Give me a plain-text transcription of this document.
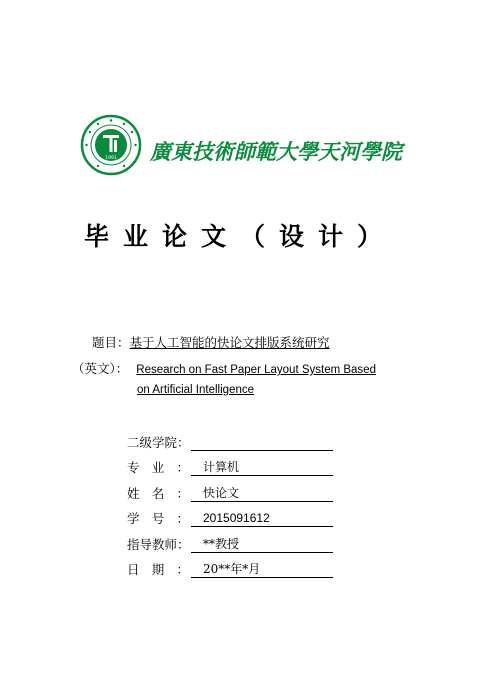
1991 廣東技術師範大學天河學院
毕业论文（设计）
题目：基于人工智能的快论文排版系统研究
（英文）： Research on Fast Paper Layout System Based
on Artificial Intelligence
二级学院：
专业：	计算机
姓名：	快论文
学号：	2015091612
指导教师：	**教授
日期：	20**年*月
